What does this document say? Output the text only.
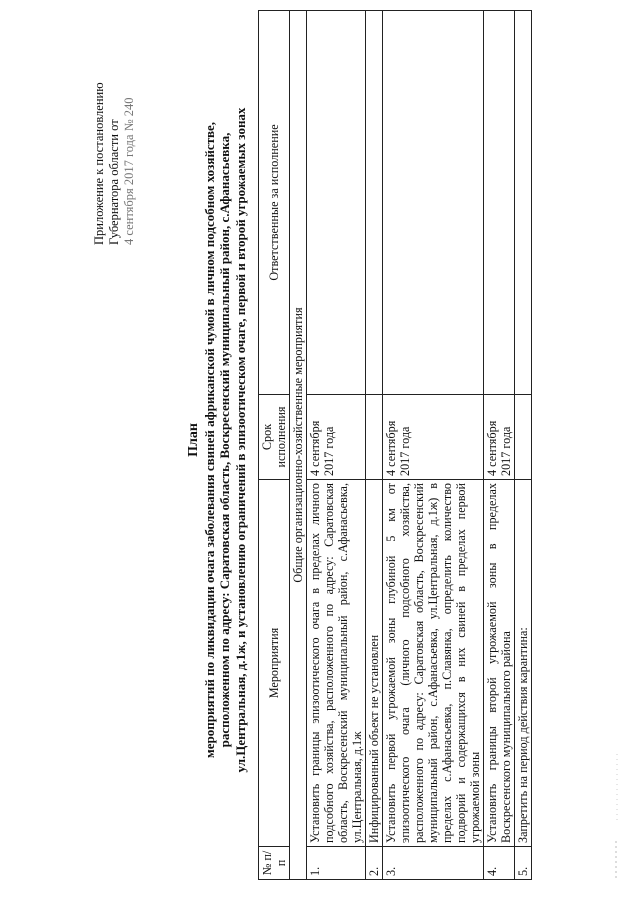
Приложение к постановлению Губернатора области от 4 сентября 2017 года № 240
План мероприятий по ликвидации очага заболевания свиней африканской чумой в личном подсобном хозяйстве, расположенном по адресу: Саратовская область, Воскресенский муниципальный район, с.Афанасьевка, ул.Центральная, д.1ж, и установлению ограничений в эпизоотическом очаге, первой и второй угрожаемых зонах
№ п/п	Мероприятия	Срок исполнения	Ответственные за исполнение
Общие организационно-хозяйственные мероприятия			
1.	Установить границы эпизоотического очага в пределах личного подсобного хозяйства, расположенного по адресу: Саратовская область, Воскресенский муниципальный район, с.Афанасьевка, ул.Центральная, д.1ж	4 сентября 2017 года	
2.	Инфицированный объект не установлен		
3.	Установить первой угрожаемой зоны глубиной 5 км от эпизоотического очага (личного подсобного хозяйства, расположенного по адресу: Саратовская область, Воскресенский муниципальный район, с.Афанасьевка, ул.Центральная, д.1ж) в пределах с.Афанасьевка, п.Славянка, определить количество подворий и содержащихся в них свиней в пределах первой угрожаемой зоны	4 сентября 2017 года	
4.	Установить границы второй угрожаемой зоны в пределах Воскресенского муниципального района	4 сентября 2017 года	
5.	Запретить на период действия карантина:		
